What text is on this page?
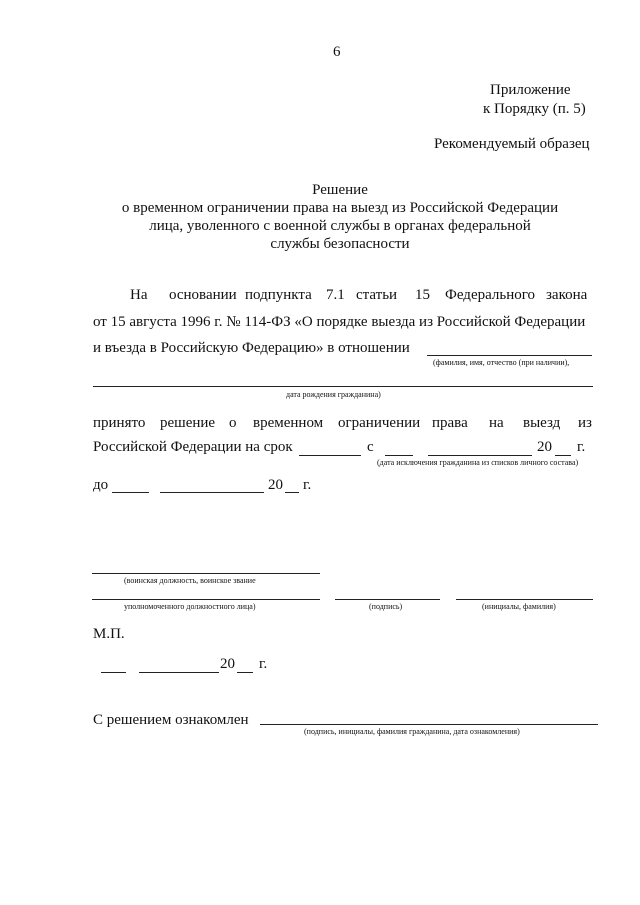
6
Приложение
к Порядку (п. 5)
Рекомендуемый образец
Решение
о временном ограничении права на выезд из Российской Федерации
лица, уволенного с военной службы в органах федеральной
службы безопасности
На основании подпункта 7.1 статьи 15 Федерального закона
от 15 августа 1996 г. № 114-ФЗ «О порядке выезда из Российской Федерации
и въезда в Российскую Федерацию» в отношении
(фамилия, имя, отчество (при наличии),
дата рождения гражданина)
принято решение о временном ограничении права на выезд из
Российской Федерации на срок	с	20 г.
(дата исключения гражданина из списков личного состава)
до	20 г.
(воинская должность, воинское звание
уполномоченного должностного лица)	(подпись)	(инициалы, фамилия)
М.П.
20 г.
С решением ознакомлен
(подпись, инициалы, фамилия гражданина, дата ознакомления)
